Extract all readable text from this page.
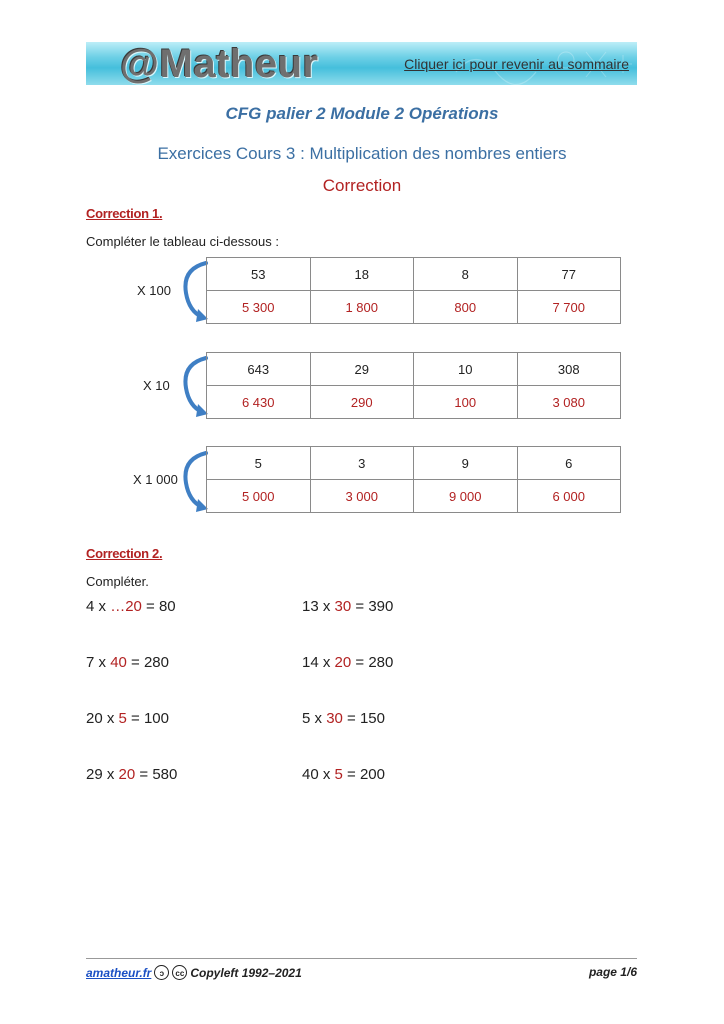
@Matheur	Cliquer ici pour revenir au sommaire
CFG palier 2 Module 2 Opérations
Exercices Cours 3 : Multiplication des nombres entiers
Correction
Correction 1.
Compléter le tableau ci-dessous :
X 100
53	18	8	77
5 300	1 800	800	7 700
X 10
643	29	10	308
6 430	290	100	3 080
X 1 000
5	3	9	6
5 000	3 000	9 000	6 000
Correction 2.
Compléter.
4 x …20 = 80	13 x 30 = 390
7 x 40 = 280	14 x 20 = 280
20 x 5 = 100	5 x 30 = 150
29 x 20 = 580	40 x 5 = 200
amatheur.fr	ↄ	cc Copyleft 1992–2021	page 1/6
